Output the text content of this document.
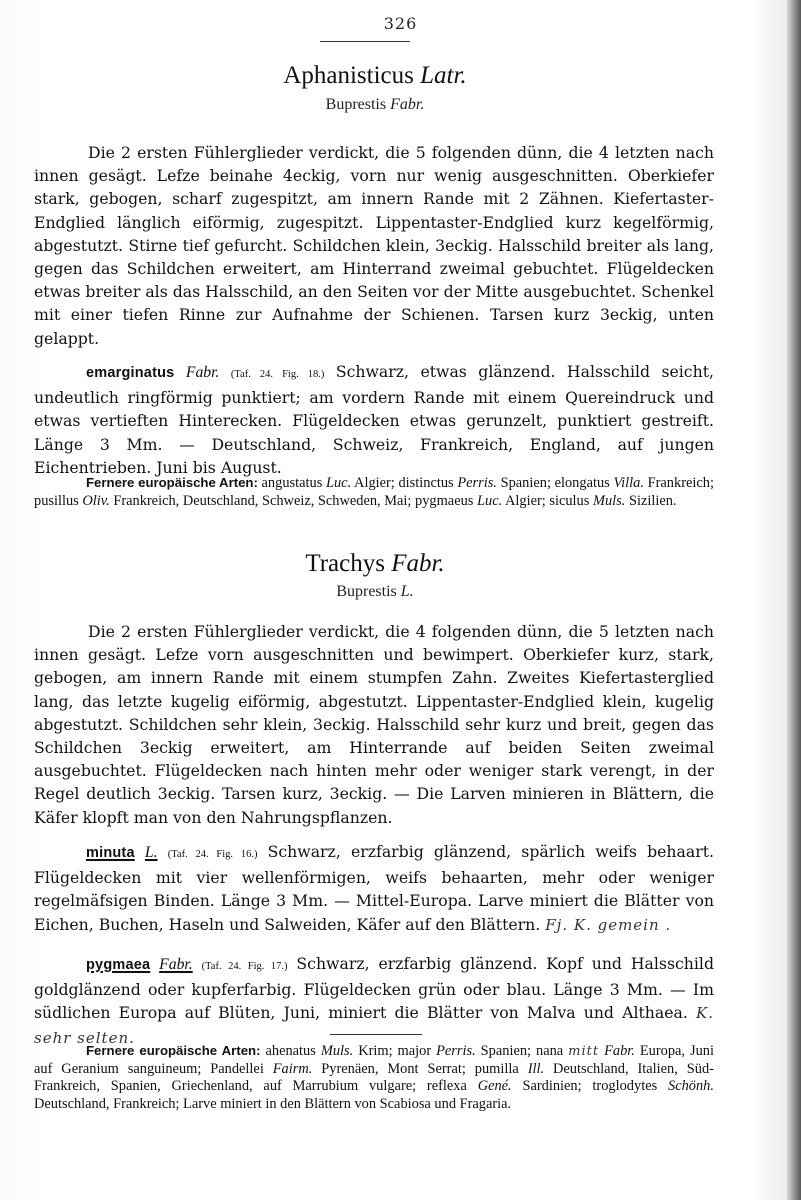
326
Aphanisticus Latr.
Buprestis Fabr.

Die 2 ersten Fühlerglieder verdickt, die 5 folgenden dünn, die 4 letzten nach innen gesägt. Lefze beinahe 4eckig, vorn nur wenig ausgeschnitten. Oberkiefer stark, gebogen, scharf zugespitzt, am innern Rande mit 2 Zähnen. Kiefertaster-Endglied länglich eiförmig, zugespitzt. Lippentaster-Endglied kurz kegelförmig, abgestutzt. Stirne tief gefurcht. Schildchen klein, 3eckig. Halsschild breiter als lang, gegen das Schildchen erweitert, am Hinterrand zweimal gebuchtet. Flügeldecken etwas breiter als das Halsschild, an den Seiten vor der Mitte ausgebuchtet. Schenkel mit einer tiefen Rinne zur Aufnahme der Schienen. Tarsen kurz 3eckig, unten gelappt.

emarginatus Fabr. (Taf. 24. Fig. 18.) Schwarz, etwas glänzend. Halsschild seicht, undeutlich ringförmig punktiert; am vordern Rande mit einem Quereindruck und etwas vertieften Hinterecken. Flügeldecken etwas gerunzelt, punktiert gestreift. Länge 3 Mm. — Deutschland, Schweiz, Frankreich, England, auf jungen Eichentrieben. Juni bis August.

Fernere europäische Arten: angustatus Luc. Algier; distinctus Perris. Spanien; elongatus Villa. Frankreich; pusillus Oliv. Frankreich, Deutschland, Schweiz, Schweden, Mai; pygmaeus Luc. Algier; siculus Muls. Sizilien.

Trachys Fabr.
Buprestis L.

Die 2 ersten Fühlerglieder verdickt, die 4 folgenden dünn, die 5 letzten nach innen gesägt. Lefze vorn ausgeschnitten und bewimpert. Oberkiefer kurz, stark, gebogen, am innern Rande mit einem stumpfen Zahn. Zweites Kiefertasterglied lang, das letzte kugelig eiförmig, abgestutzt. Lippentaster-Endglied klein, kugelig abgestutzt. Schildchen sehr klein, 3eckig. Halsschild sehr kurz und breit, gegen das Schildchen 3eckig erweitert, am Hinterrande auf beiden Seiten zweimal ausgebuchtet. Flügeldecken nach hinten mehr oder weniger stark verengt, in der Regel deutlich 3eckig. Tarsen kurz, 3eckig. — Die Larven minieren in Blättern, die Käfer klopft man von den Nahrungspflanzen.

minuta L. (Taf. 24. Fig. 16.) Schwarz, erzfarbig glänzend, spärlich weifs behaart. Flügeldecken mit vier wellenförmigen, weifs behaarten, mehr oder weniger regelmäfsigen Binden. Länge 3 Mm. — Mittel-Europa. Larve miniert die Blätter von Eichen, Buchen, Haseln und Salweiden, Käfer auf den Blättern. Fj. K. gemein .

pygmaea Fabr. (Taf. 24. Fig. 17.) Schwarz, erzfarbig glänzend. Kopf und Halsschild goldglänzend oder kupferfarbig. Flügeldecken grün oder blau. Länge 3 Mm. — Im südlichen Europa auf Blüten, Juni, miniert die Blätter von Malva und Althaea. K. sehr selten.

Fernere europäische Arten: ahenatus Muls. Krim; major Perris. Spanien; nana mitt Fabr. Europa, Juni auf Geranium sanguineum; Pandellei Fairm. Pyrenäen, Mont Serrat; pumilla Ill. Deutschland, Italien, Süd-Frankreich, Spanien, Griechenland, auf Marrubium vulgare; reflexa Gené. Sardinien; troglodytes Schönh. Deutschland, Frankreich; Larve miniert in den Blättern von Scabiosa und Fragaria.
